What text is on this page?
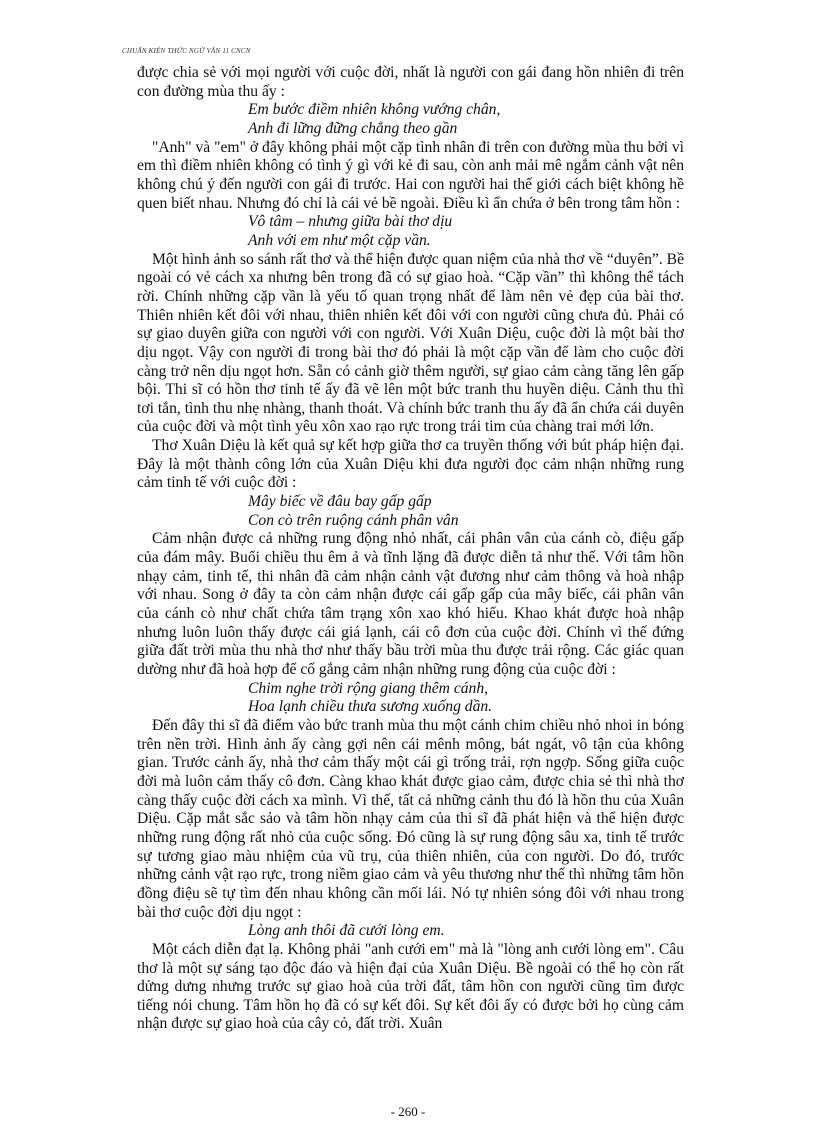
CHUẨN KIẾN THỨC NGỮ VĂN 11 CNCN

được chia sẻ với mọi người với cuộc đời, nhất là người con gái đang hồn nhiên đi trên con đường mùa thu ấy :

Em bước điềm nhiên không vướng chân,
Anh đi lững đững chẳng theo gần

"Anh" và "em" ở đây không phải một cặp tình nhân đi trên con đường mùa thu bởi vì em thì điềm nhiên không có tình ý gì với kẻ đi sau, còn anh mải mê ngắm cảnh vật nên không chú ý đến người con gái đi trước. Hai con người hai thế giới cách biệt không hề quen biết nhau. Nhưng đó chỉ là cái vẻ bề ngoài. Điều kì ẩn chứa ở bên trong tâm hồn :

Vô tâm – nhưng giữa bài thơ dịu
Anh với em như một cặp vần.

Một hình ảnh so sánh rất thơ và thể hiện được quan niệm của nhà thơ về “duyên”. Bề ngoài có vẻ cách xa nhưng bên trong đã có sự giao hoà. “Cặp vần” thì không thể tách rời. Chính những cặp vần là yếu tố quan trọng nhất để làm nên vẻ đẹp của bài thơ. Thiên nhiên kết đôi với nhau, thiên nhiên kết đôi với con người cũng chưa đủ. Phải có sự giao duyên giữa con người với con người. Với Xuân Diệu, cuộc đời là một bài thơ dịu ngọt. Vậy con người đi trong bài thơ đó phải là một cặp vần để làm cho cuộc đời càng trở nên dịu ngọt hơn. Sẵn có cảnh giờ thêm người, sự giao cảm càng tăng lên gấp bội. Thi sĩ có hồn thơ tinh tế ấy đã vẽ lên một bức tranh thu huyền diệu. Cảnh thu thì tơi tắn, tình thu nhẹ nhàng, thanh thoát. Và chính bức tranh thu ấy đã ẩn chứa cái duyên của cuộc đời và một tình yêu xôn xao rạo rực trong trái tim của chàng trai mới lớn.

Thơ Xuân Diệu là kết quả sự kết hợp giữa thơ ca truyền thống với bút pháp hiện đại. Đây là một thành công lớn của Xuân Diệu khi đưa người đọc cảm nhận những rung cảm tinh tế với cuộc đời :

Mây biếc về đâu bay gấp gấp
Con cò trên ruộng cánh phân vân

Cảm nhận được cả những rung động nhỏ nhất, cái phân vân của cánh cò, điệu gấp của đám mây. Buổi chiều thu êm ả và tĩnh lặng đã được diễn tả như thế. Với tâm hồn nhạy cảm, tinh tế, thi nhân đã cảm nhận cảnh vật đương như cảm thông và hoà nhập với nhau. Song ở đây ta còn cảm nhận được cái gấp gấp của mây biếc, cái phân vân của cánh cò như chất chứa tâm trạng xôn xao khó hiểu. Khao khát được hoà nhập nhưng luôn luôn thấy được cái giá lạnh, cái cô đơn của cuộc đời. Chính vì thế đứng giữa đất trời mùa thu nhà thơ như thấy bầu trời mùa thu được trải rộng. Các giác quan dường như đã hoà hợp để cố gắng cảm nhận những rung động của cuộc đời :

Chim nghe trời rộng giang thêm cánh,
Hoa lạnh chiều thưa sương xuống dần.

Đến đây thi sĩ đã điểm vào bức tranh mùa thu một cánh chim chiều nhỏ nhoi in bóng trên nền trời. Hình ảnh ấy càng gợi nên cái mênh mông, bát ngát, vô tận của không gian. Trước cảnh ấy, nhà thơ cảm thấy một cái gì trống trải, rợn ngợp. Sống giữa cuộc đời mà luôn cảm thấy cô đơn. Càng khao khát được giao cảm, được chia sẻ thì nhà thơ càng thấy cuộc đời cách xa mình. Vì thế, tất cả những cảnh thu đó là hồn thu của Xuân Diệu. Cặp mắt sắc sảo và tâm hồn nhạy cảm của thi sĩ đã phát hiện và thể hiện được những rung động rất nhỏ của cuộc sống. Đó cũng là sự rung động sâu xa, tinh tế trước sự tương giao màu nhiệm của vũ trụ, của thiên nhiên, của con người. Do đó, trước những cảnh vật rạo rực, trong niềm giao cảm và yêu thương như thế thì những tâm hồn đồng điệu sẽ tự tìm đến nhau không cần mối lái. Nó tự nhiên sóng đôi với nhau trong bài thơ cuộc đời dịu ngọt :

Lòng anh thôi đã cưới lòng em.

Một cách diễn đạt lạ. Không phải "anh cưới em" mà là "lòng anh cưới lòng em". Câu thơ là một sự sáng tạo độc đáo và hiện đại của Xuân Diệu. Bề ngoài có thể họ còn rất dửng dưng nhưng trước sự giao hoà của trời đất, tâm hồn con người cũng tìm được tiếng nói chung. Tâm hồn họ đã có sự kết đôi. Sự kết đôi ấy có được bởi họ cùng cảm nhận được sự giao hoà của cây cỏ, đất trời. Xuân

- 260 -
